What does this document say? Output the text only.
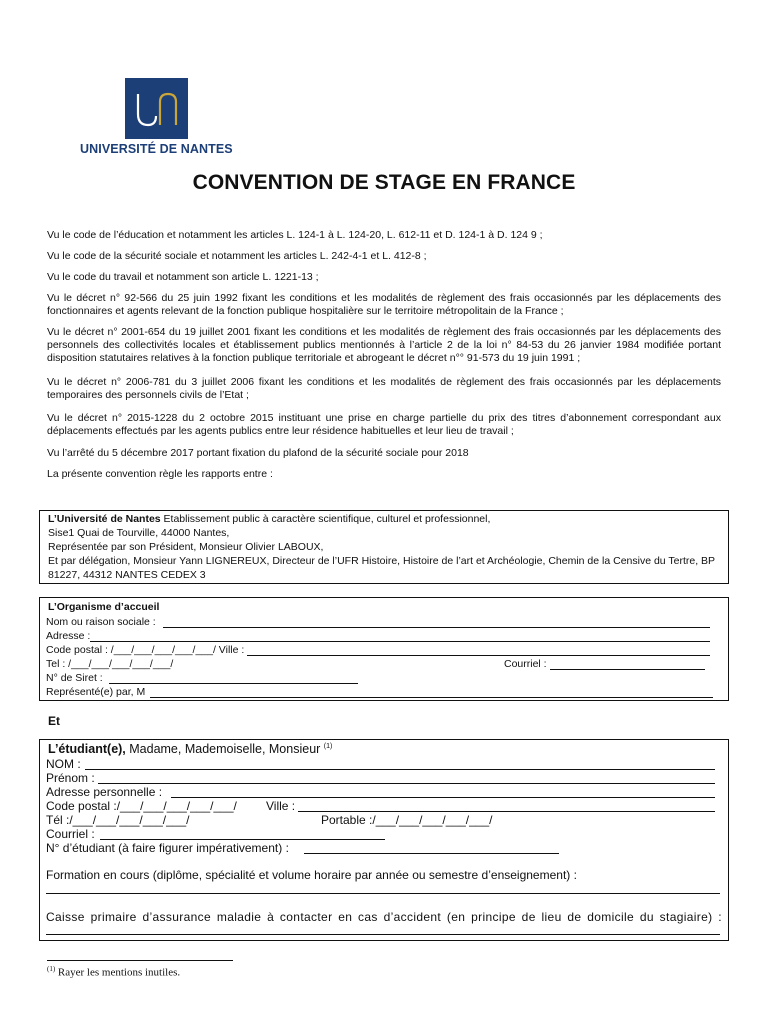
UNIVERSITÉ DE NANTES
CONVENTION DE STAGE EN FRANCE
Vu le code de l’éducation et notamment les articles L. 124-1 à L. 124-20, L. 612-11 et D. 124-1 à D. 124 9 ;
Vu le code de la sécurité sociale et notamment les articles L. 242-4-1 et L. 412-8 ;
Vu le code du travail et notamment son article L. 1221-13 ;
Vu le décret n° 92-566 du 25 juin 1992 fixant les conditions et les modalités de règlement des frais occasionnés par les déplacements des fonctionnaires et agents relevant de la fonction publique hospitalière sur le territoire métropolitain de la France ;
Vu le décret n° 2001-654 du 19 juillet 2001 fixant les conditions et les modalités de règlement des frais occasionnés par les déplacements des personnels des collectivités locales et établissement publics mentionnés à l’article 2 de la loi n° 84-53 du 26 janvier 1984 modifiée portant disposition statutaires relatives à la fonction publique territoriale et abrogeant le décret n°° 91-573 du 19 juin 1991 ;
Vu le décret n° 2006-781 du 3 juillet 2006 fixant les conditions et les modalités de règlement des frais occasionnés par les déplacements temporaires des personnels civils de l’Etat ;
Vu le décret n° 2015-1228 du 2 octobre 2015 instituant une prise en charge partielle du prix des titres d’abonnement correspondant aux déplacements effectués par les agents publics entre leur résidence habituelles et leur lieu de travail ;
Vu l’arrêté du 5 décembre 2017 portant fixation du plafond de la sécurité sociale pour 2018
La présente convention règle les rapports entre :
L’Université de Nantes Etablissement public à caractère scientifique, culturel et professionnel,
Sise1 Quai de Tourville, 44000 Nantes,
Représentée par son Président, Monsieur Olivier LABOUX,
Et par délégation, Monsieur Yann LIGNEREUX, Directeur de l’UFR Histoire, Histoire de l’art et Archéologie, Chemin de la Censive du Tertre, BP
81227, 44312 NANTES CEDEX 3
L’Organisme d’accueil
Nom ou raison sociale :
Adresse :
Code postal : /___/___/___/___/___/ Ville :
Tel : /___/___/___/___/___/	Courriel :
N° de Siret :
Représenté(e) par, M
Et
L’étudiant(e), Madame, Mademoiselle, Monsieur $^{(1)}$
NOM :
Prénom :
Adresse personnelle :
Code postal :/___/___/___/___/___/ Ville :
Tél :/___/___/___/___/___/	Portable :/___/___/___/___/___/
Courriel :
N° d’étudiant (à faire figurer impérativement) :
Formation en cours (diplôme, spécialité et volume horaire par année ou semestre d’enseignement) :
Caisse primaire d’assurance maladie à contacter en cas d’accident (en principe de lieu de domicile du stagiaire) :
$^{(1)}$ Rayer les mentions inutiles.
